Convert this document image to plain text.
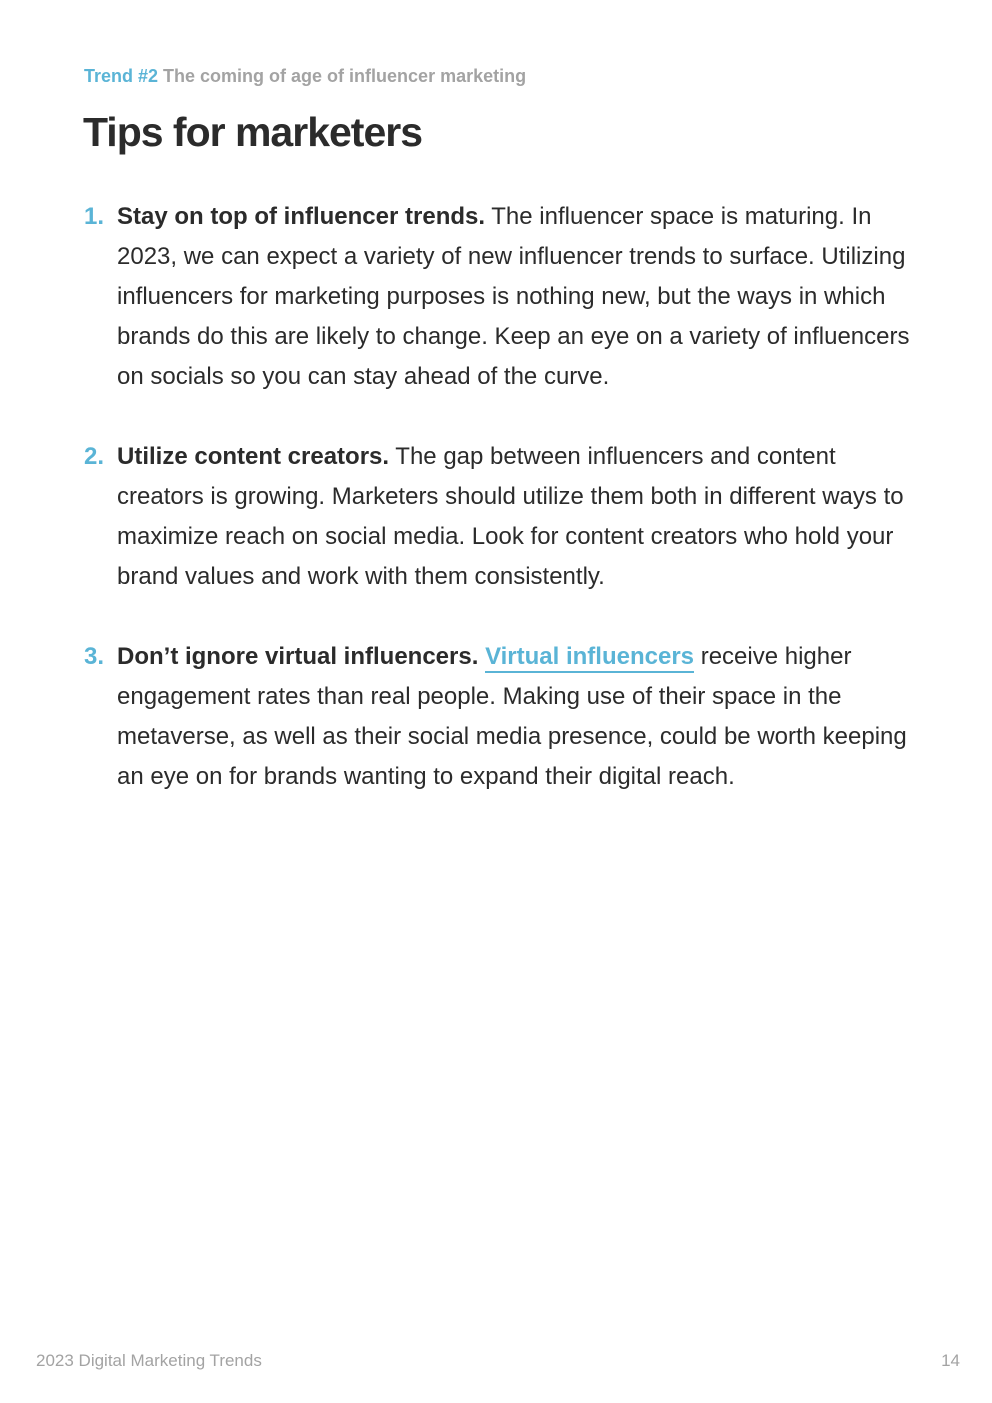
Trend #2 The coming of age of influencer marketing
Tips for marketers
1. Stay on top of influencer trends. The influencer space is maturing. In 2023, we can expect a variety of new influencer trends to surface. Utilizing influencers for marketing purposes is nothing new, but the ways in which brands do this are likely to change. Keep an eye on a variety of influencers on socials so you can stay ahead of the curve.
2. Utilize content creators. The gap between influencers and content creators is growing. Marketers should utilize them both in different ways to maximize reach on social media. Look for content creators who hold your brand values and work with them consistently.
3. Don’t ignore virtual influencers. Virtual influencers receive higher engagement rates than real people. Making use of their space in the metaverse, as well as their social media presence, could be worth keeping an eye on for brands wanting to expand their digital reach.
2023 Digital Marketing Trends	14
